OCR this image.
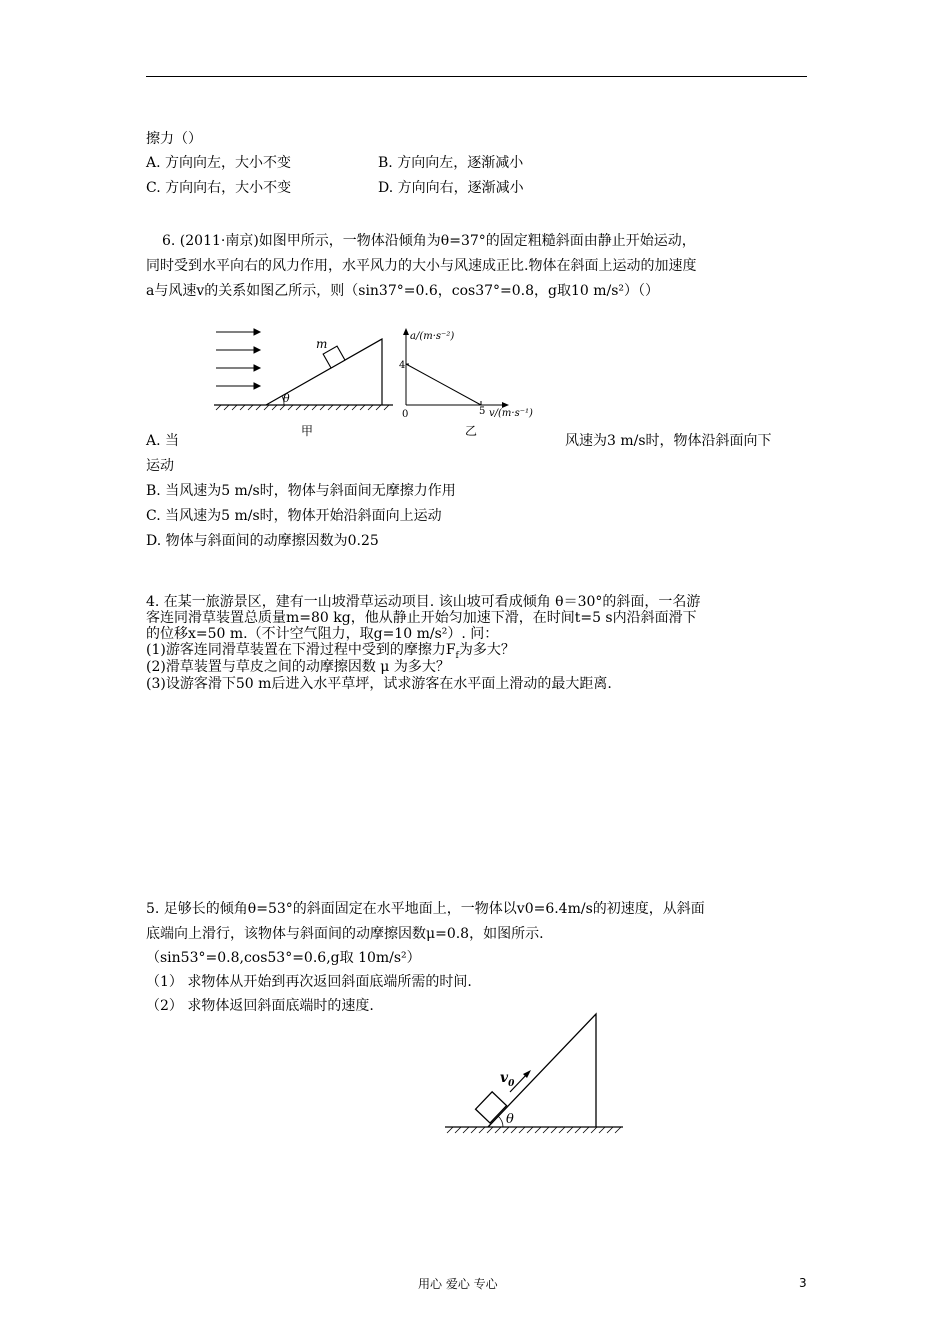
擦力（）
A. 方向向左，大小不变	B. 方向向左，逐渐减小
C. 方向向右，大小不变	D. 方向向右，逐渐减小
6. (2011·南京)如图甲所示，一物体沿倾角为θ=37°的固定粗糙斜面由静止开始运动，
同时受到水平向右的风力作用，水平风力的大小与风速成正比.物体在斜面上运动的加速度
a与风速v的关系如图乙所示，则（sin37°=0.6，cos37°=0.8，g取10 m/s²）（）
m
θ
甲
a/(m·s⁻²)
4
0	5 v/(m·s⁻¹)
乙
A. 当	风速为3 m/s时，物体沿斜面向下
运动
B. 当风速为5 m/s时，物体与斜面间无摩擦力作用
C. 当风速为5 m/s时，物体开始沿斜面向上运动
D. 物体与斜面间的动摩擦因数为0.25
4. 在某一旅游景区，建有一山坡滑草运动项目. 该山坡可看成倾角 θ＝30°的斜面，一名游
客连同滑草装置总质量m=80 kg，他从静止开始匀加速下滑，在时间t=5 s内沿斜面滑下
的位移x=50 m.（不计空气阻力，取g=10 m/s²）. 问：
(1)游客连同滑草装置在下滑过程中受到的摩擦力$F_f$为多大？
(2)滑草装置与草皮之间的动摩擦因数 μ 为多大？
(3)设游客滑下50 m后进入水平草坪，试求游客在水平面上滑动的最大距离.
5. 足够长的倾角θ=53°的斜面固定在水平地面上，一物体以v0=6.4m/s的初速度，从斜面
底端向上滑行，该物体与斜面间的动摩擦因数μ=0.8，如图所示.
（sin53°=0.8,cos53°=0.6,g取 10m/s²）
（1） 求物体从开始到再次返回斜面底端所需的时间.
（2） 求物体返回斜面底端时的速度.
$v_0$
θ
用心 爱心 专心	3
